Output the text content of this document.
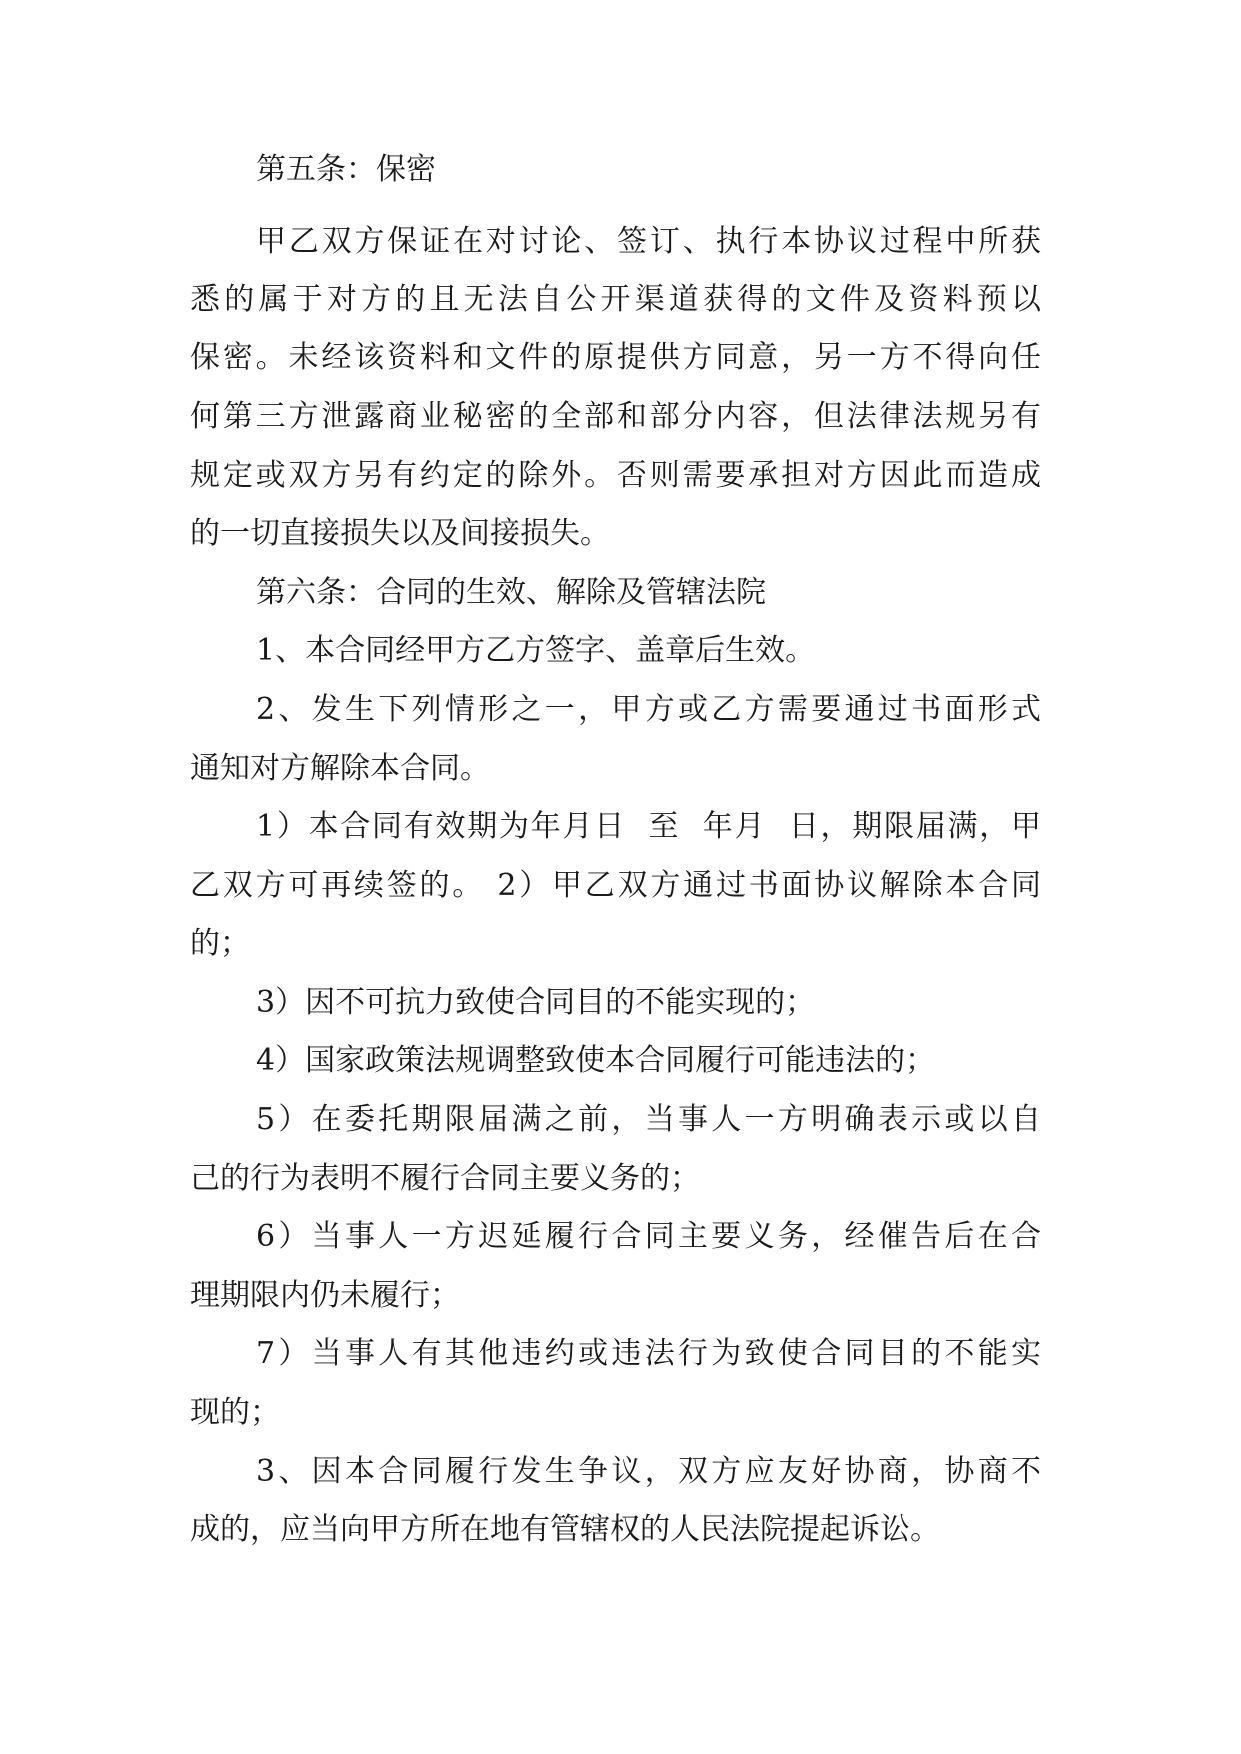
第五条：保密

甲乙双方保证在对讨论、签订、执行本协议过程中所获

悉的属于对方的且无法自公开渠道获得的文件及资料预以

保密。未经该资料和文件的原提供方同意，另一方不得向任

何第三方泄露商业秘密的全部和部分内容，但法律法规另有

规定或双方另有约定的除外。否则需要承担对方因此而造成

的一切直接损失以及间接损失。

第六条：合同的生效、解除及管辖法院

1、本合同经甲方乙方签字、盖章后生效。

2、发生下列情形之一，甲方或乙方需要通过书面形式

通知对方解除本合同。

1）本合同有效期为年月日  至  年月  日，期限届满，甲

乙双方可再续签的。 2）甲乙双方通过书面协议解除本合同

的；

3）因不可抗力致使合同目的不能实现的；

4）国家政策法规调整致使本合同履行可能违法的；

5）在委托期限届满之前，当事人一方明确表示或以自

己的行为表明不履行合同主要义务的；

6）当事人一方迟延履行合同主要义务，经催告后在合

理期限内仍未履行；

7）当事人有其他违约或违法行为致使合同目的不能实

现的；

3、因本合同履行发生争议，双方应友好协商，协商不

成的，应当向甲方所在地有管辖权的人民法院提起诉讼。
